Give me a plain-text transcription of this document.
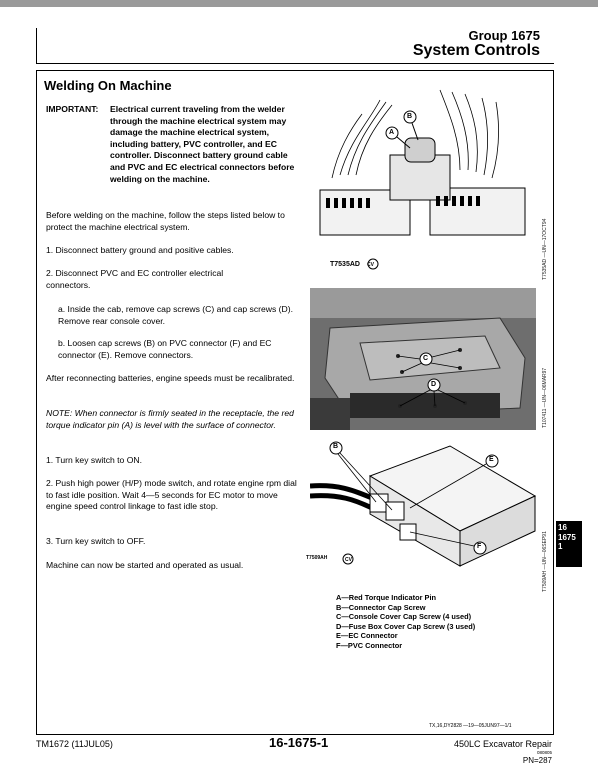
Group 1675
System Controls
Welding On Machine
IMPORTANT: Electrical current traveling from the welder through the machine electrical system may damage the machine electrical system, including battery, PVC controller, and EC controller. Disconnect battery ground cable and PVC and EC electrical connectors before welding on the machine.
Before welding on the machine, follow the steps listed below to protect the machine electrical system.
1. Disconnect battery ground and positive cables.
2. Disconnect PVC and EC controller electrical connectors.
a. Inside the cab, remove cap screws (C) and cap screws (D). Remove rear console cover.
b. Loosen cap screws (B) on PVC connector (F) and EC connector (E). Remove connectors.
After reconnecting batteries, engine speeds must be recalibrated.
NOTE: When connector is firmly seated in the receptacle, the red torque indicator pin (A) is level with the surface of connector.
1. Turn key switch to ON.
2. Push high power (H/P) mode switch, and rotate engine rpm dial to fast idle position. Wait 4—5 seconds for EC motor to move engine speed control linkage to fast idle stop.
3. Turn key switch to OFF.
Machine can now be started and operated as usual.
A
B
T7535AD CV	T7535AD —UN—17OCT94
C
D	T107411 —UN—06MAR97
B
E
F
T7509AH	CV	T7509AH —UN—06SEP91
A—Red Torque Indicator Pin
B—Connector Cap Screw
C—Console Cover Cap Screw (4 used)
D—Fuse Box Cover Cap Screw (3 used)
E—EC Connector
F—PVC Connector
16
1675
1
TX,16,DY2828 —19—05JUN97—1/1
TM1672 (11JUL05)	16-1675-1	450LC Excavator Repair
080805
PN=287
